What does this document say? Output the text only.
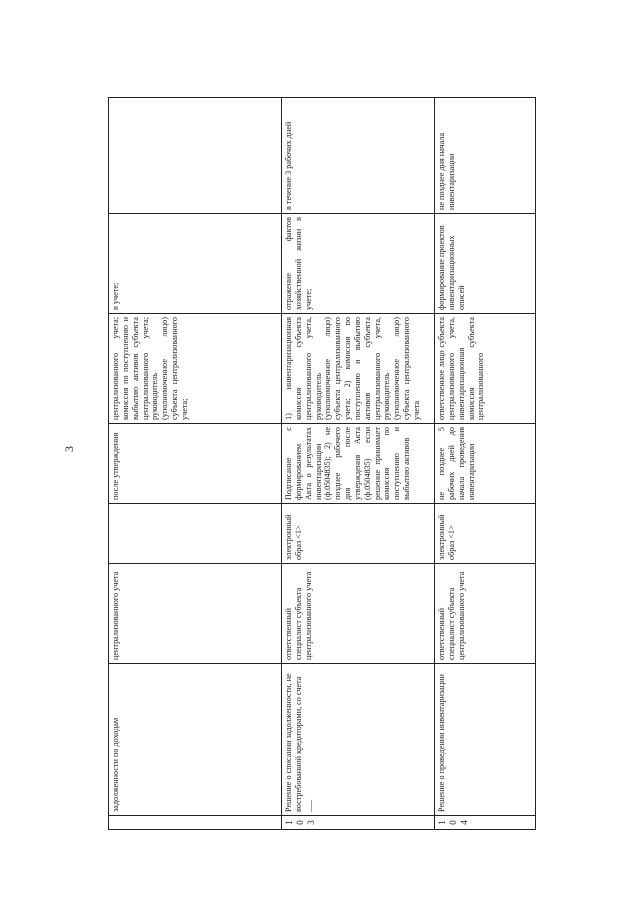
3
	задолженности по доходам	централизованного учета		после утверждения	централизованного учета; комиссия по поступлению и выбытию активов субъекта централизованного учета; руководитель (уполномоченное лицо) субъекта централизованного учета;	в учете;	
103	Решение о списании задолженности, не востребованной кредиторами, со счета ___	ответственный специалист субъекта централизованного учета	электронный образ <1>	Подписание с формированием Акта о результатах инвентаризации (ф.0504835); 2) не позднее рабочего дня после утверждения Акта (ф.0504835) если решение принимает комиссия по поступлению и выбытию активов	1) инвентаризационная комиссия субъекта централизованного учета, руководитель (уполномоченное лицо) субъекта централизованного учета; 2) комиссия по поступлению и выбытию активов субъекта централизованного учета, руководитель (уполномоченное лицо) субъекта централизованного учета	отражение фактов хозяйственной жизни в учете;	в течение 3 рабочих дней
104	Решение о проведении инвентаризации	ответственный специалист субъекта централизованного учета	электронный образ <1>	не позднее 5 рабочих дней до начала проведения инвентаризации	ответственное лицо субъекта централизованного учета, инвентаризационная комиссия субъекта централизованного	формирование проектов инвентаризационных описей	не позднее дня начала инвентаризации
